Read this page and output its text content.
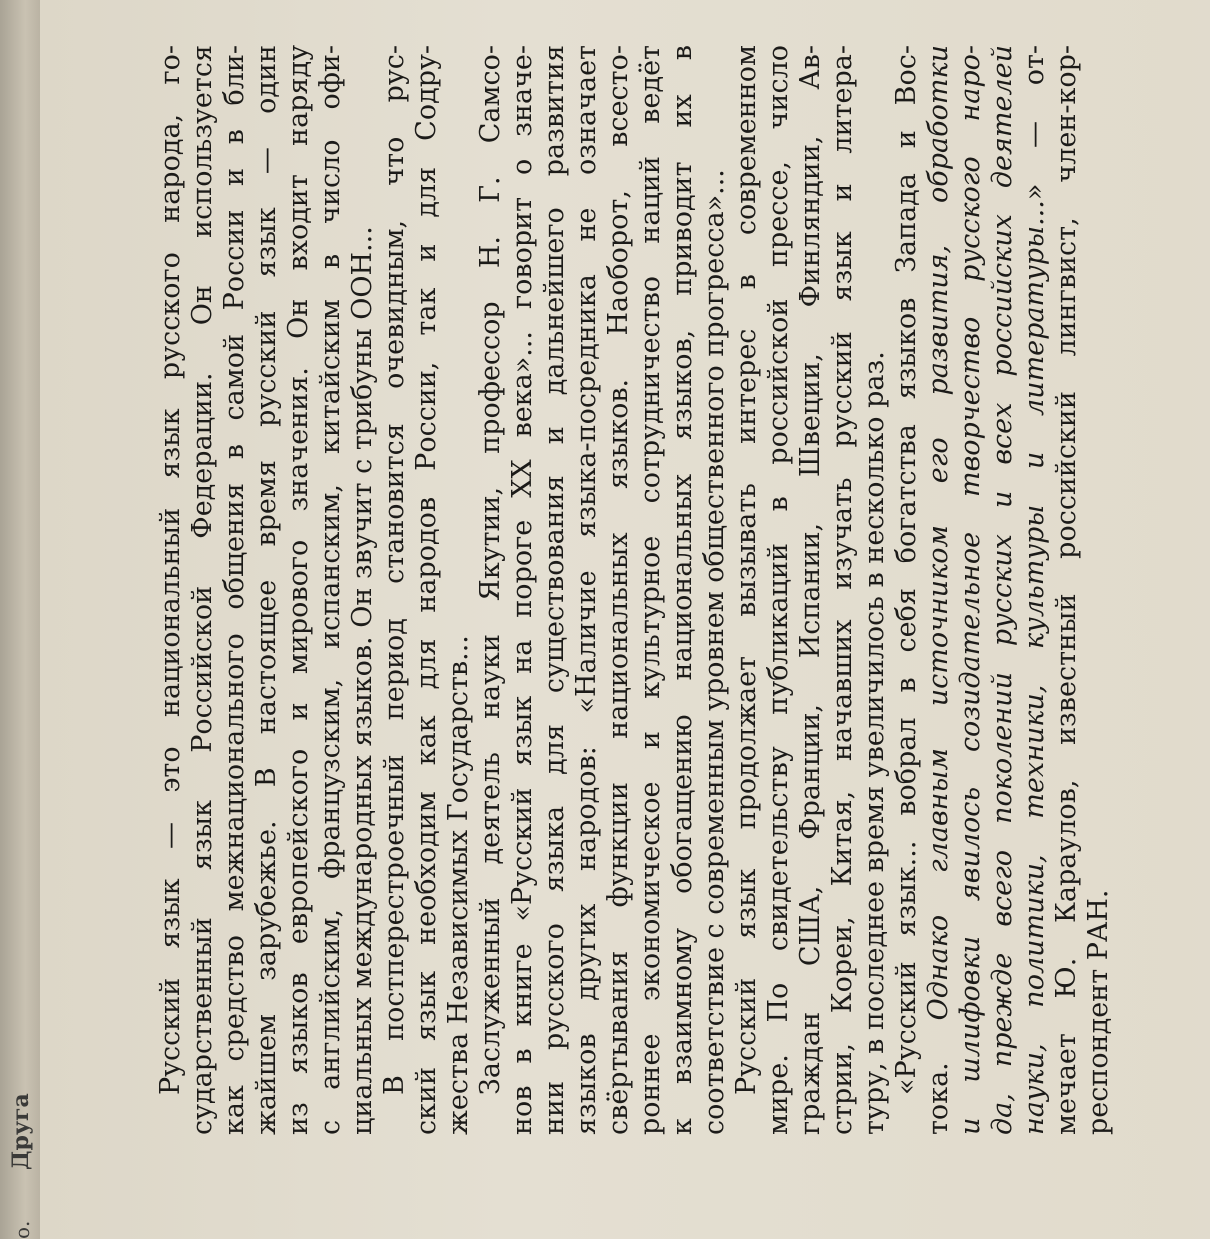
Друга
о.
Русский язык — это национальный язык русского народа, го- сударственный язык Российской Федерации. Он используется как средство межнационального общения в самой России и в бли- жайшем зарубежье. В настоящее время русский язык — один из языков европейского и мирового значения. Он входит наряду с английским, французским, испанским, китайским в число офи- циальных международных языков. Он звучит с трибуны ООН... В постперестроечный период становится очевидным, что рус- ский язык необходим как для народов России, так и для Содру- жества Независимых Государств... Заслуженный деятель науки Якутии, профессор Н. Г. Самсо- нов в книге «Русский язык на пороге XX века»... говорит о значе- нии русского языка для существования и дальнейшего развития языков других народов: «Наличие языка-посредника не означает свёртывания функции национальных языков. Наоборот, всесто- роннее экономическое и культурное сотрудничество наций ведёт к взаимному обогащению национальных языков, приводит их в соответствие с современным уровнем общественного прогресса»... Русский язык продолжает вызывать интерес в современном мире. По свидетельству публикаций в российской прессе, число граждан США, Франции, Испании, Швеции, Финляндии, Ав- стрии, Кореи, Китая, начавших изучать русский язык и литера- туру, в последнее время увеличилось в несколько раз. «Русский язык... вобрал в себя богатства языков Запада и Вос- тока. Однако главным источником его развития, обработки и шлифовки явилось созидательное творчество русского наро- да, прежде всего поколений русских и всех российских деятелей науки, политики, техники, культуры и литературы...» — от- мечает Ю. Караулов, известный российский лингвист, член-кор- респондент РАН.
